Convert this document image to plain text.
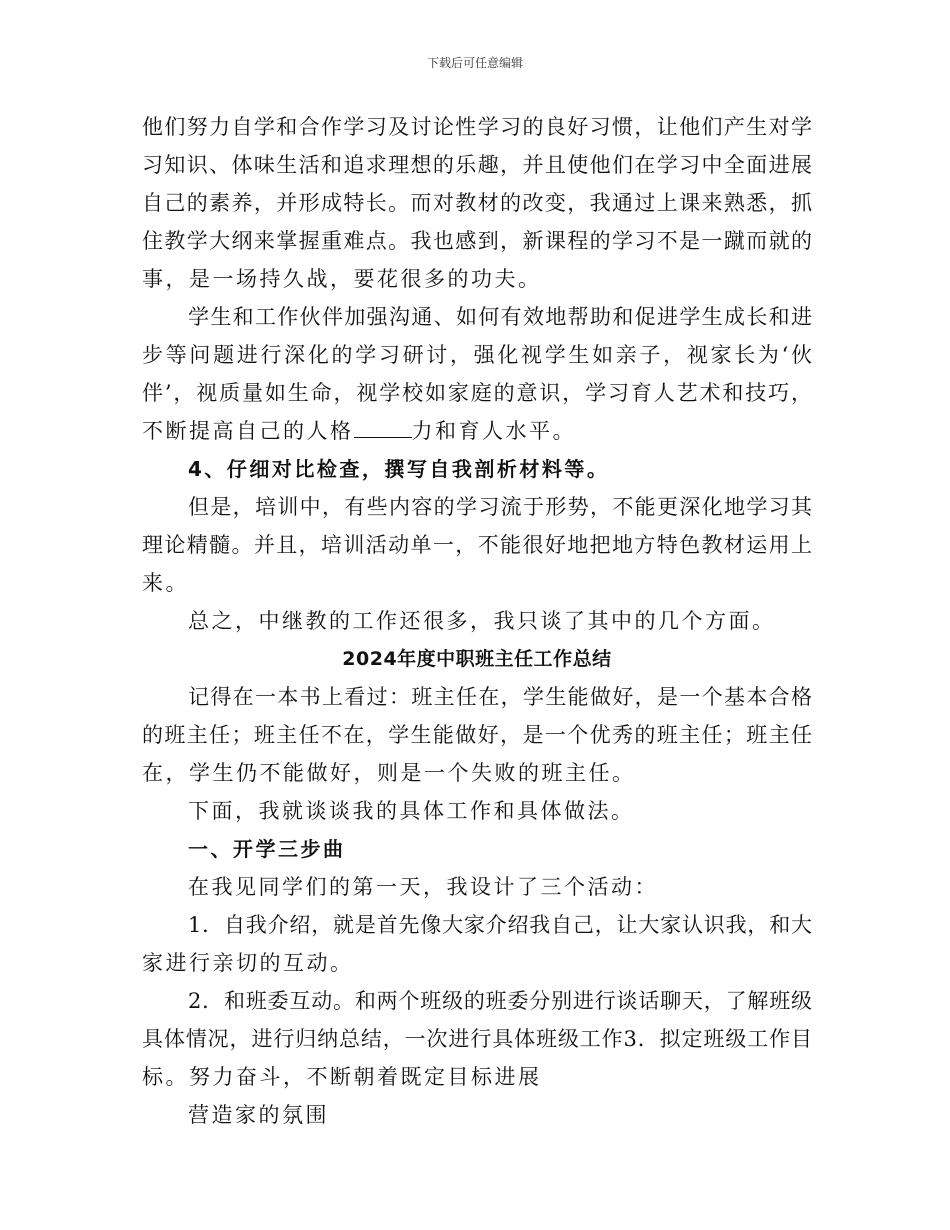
下载后可任意编辑
他们努力自学和合作学习及讨论性学习的良好习惯，让他们产生对学
习知识、体味生活和追求理想的乐趣，并且使他们在学习中全面进展
自己的素养，并形成特长。而对教材的改变，我通过上课来熟悉，抓
住教学大纲来掌握重难点。我也感到，新课程的学习不是一蹴而就的
事，是一场持久战，要花很多的功夫。
学生和工作伙伴加强沟通、如何有效地帮助和促进学生成长和进
步等问题进行深化的学习研讨，强化视学生如亲子，视家长为‘伙
伴’，视质量如生命，视学校如家庭的意识，学习育人艺术和技巧，
不断提高自己的人格	力和育人水平。
4、仔细对比检查，撰写自我剖析材料等。
但是，培训中，有些内容的学习流于形势，不能更深化地学习其
理论精髓。并且，培训活动单一，不能很好地把地方特色教材运用上
来。
总之，中继教的工作还很多，我只谈了其中的几个方面。
2024年度中职班主任工作总结
记得在一本书上看过：班主任在，学生能做好，是一个基本合格
的班主任；班主任不在，学生能做好，是一个优秀的班主任；班主任
在，学生仍不能做好，则是一个失败的班主任。
下面，我就谈谈我的具体工作和具体做法。
一、开学三步曲
在我见同学们的第一天，我设计了三个活动：
1．自我介绍，就是首先像大家介绍我自己，让大家认识我，和大
家进行亲切的互动。
2．和班委互动。和两个班级的班委分别进行谈话聊天，了解班级
具体情况，进行归纳总结，一次进行具体班级工作3．拟定班级工作目
标。努力奋斗，不断朝着既定目标进展
营造家的氛围
